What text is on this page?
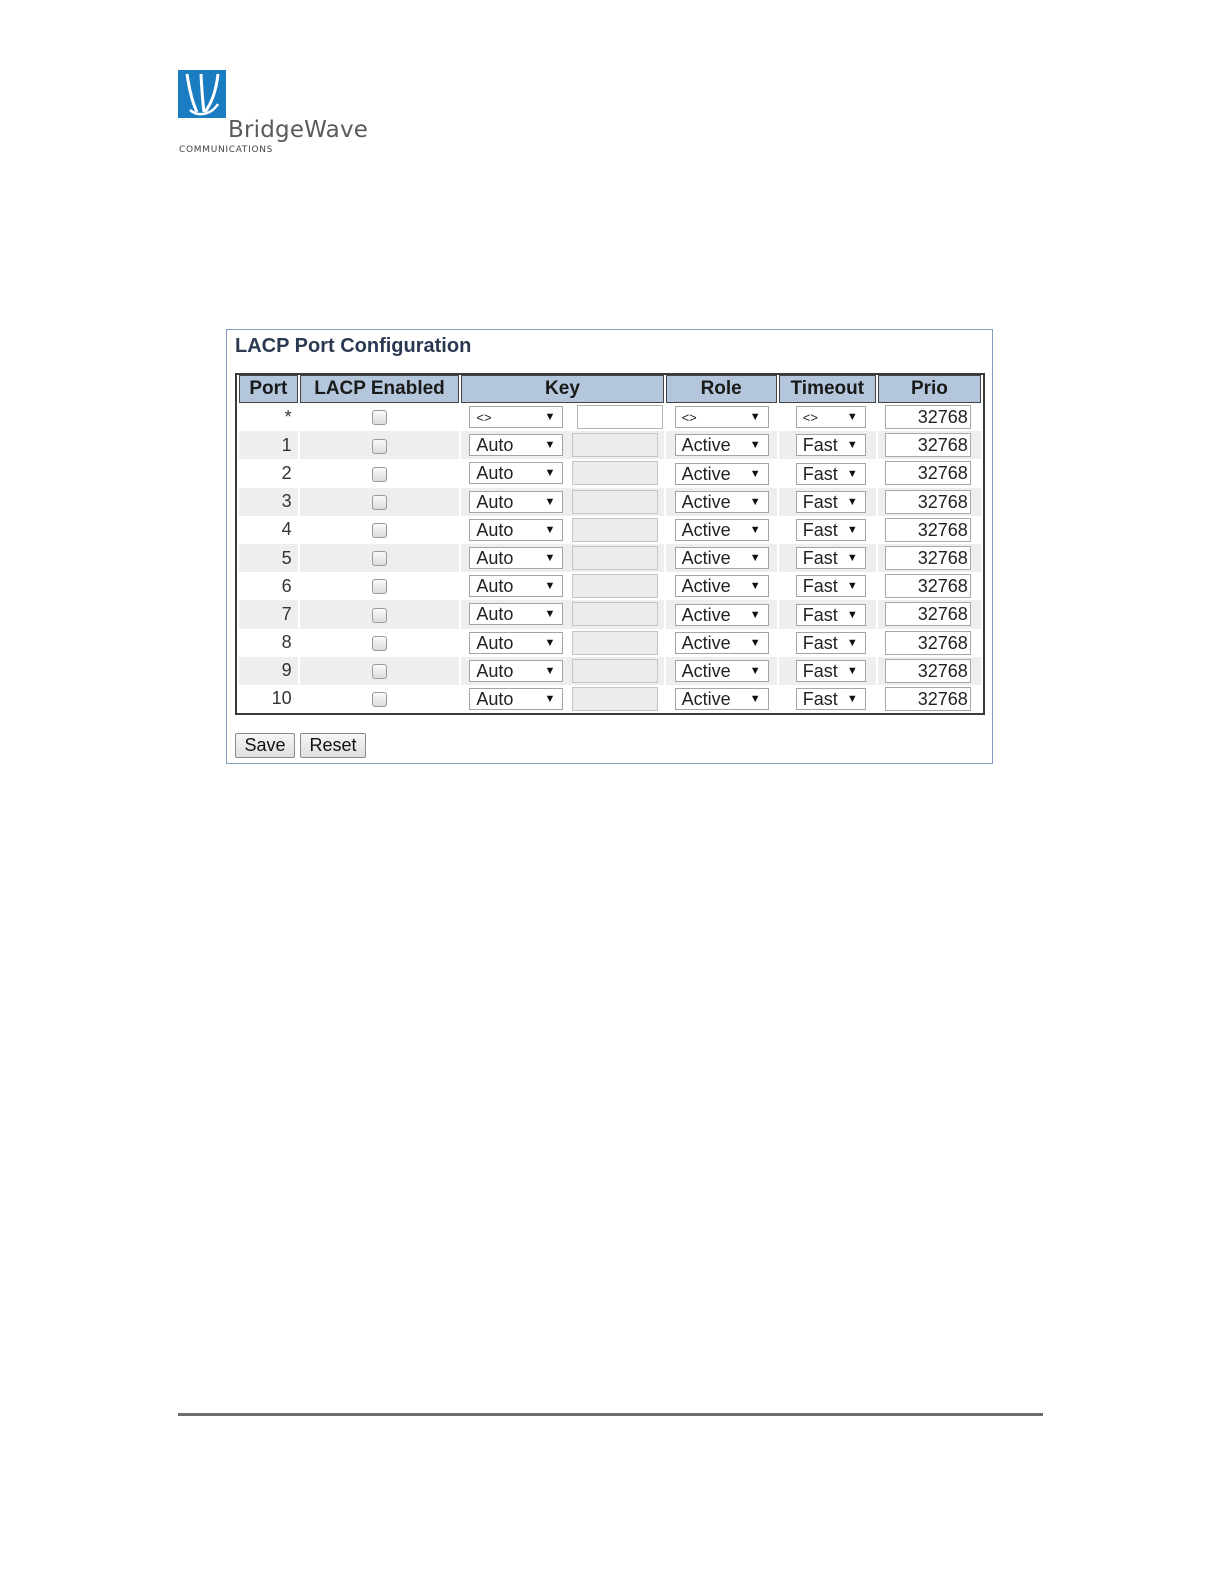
BridgeWave
COMMUNICATIONS
LACP Port Configuration
Port	LACP Enabled	Key	Role	Timeout	Prio
*		<> ▼	<> ▼	<> ▼	32768
1		Auto ▼	Active ▼	Fast ▼	32768
2		Auto ▼	Active ▼	Fast ▼	32768
3		Auto ▼	Active ▼	Fast ▼	32768
4		Auto ▼	Active ▼	Fast ▼	32768
5		Auto ▼	Active ▼	Fast ▼	32768
6		Auto ▼	Active ▼	Fast ▼	32768
7		Auto ▼	Active ▼	Fast ▼	32768
8		Auto ▼	Active ▼	Fast ▼	32768
9		Auto ▼	Active ▼	Fast ▼	32768
10		Auto ▼	Active ▼	Fast ▼	32768
Save	Reset
